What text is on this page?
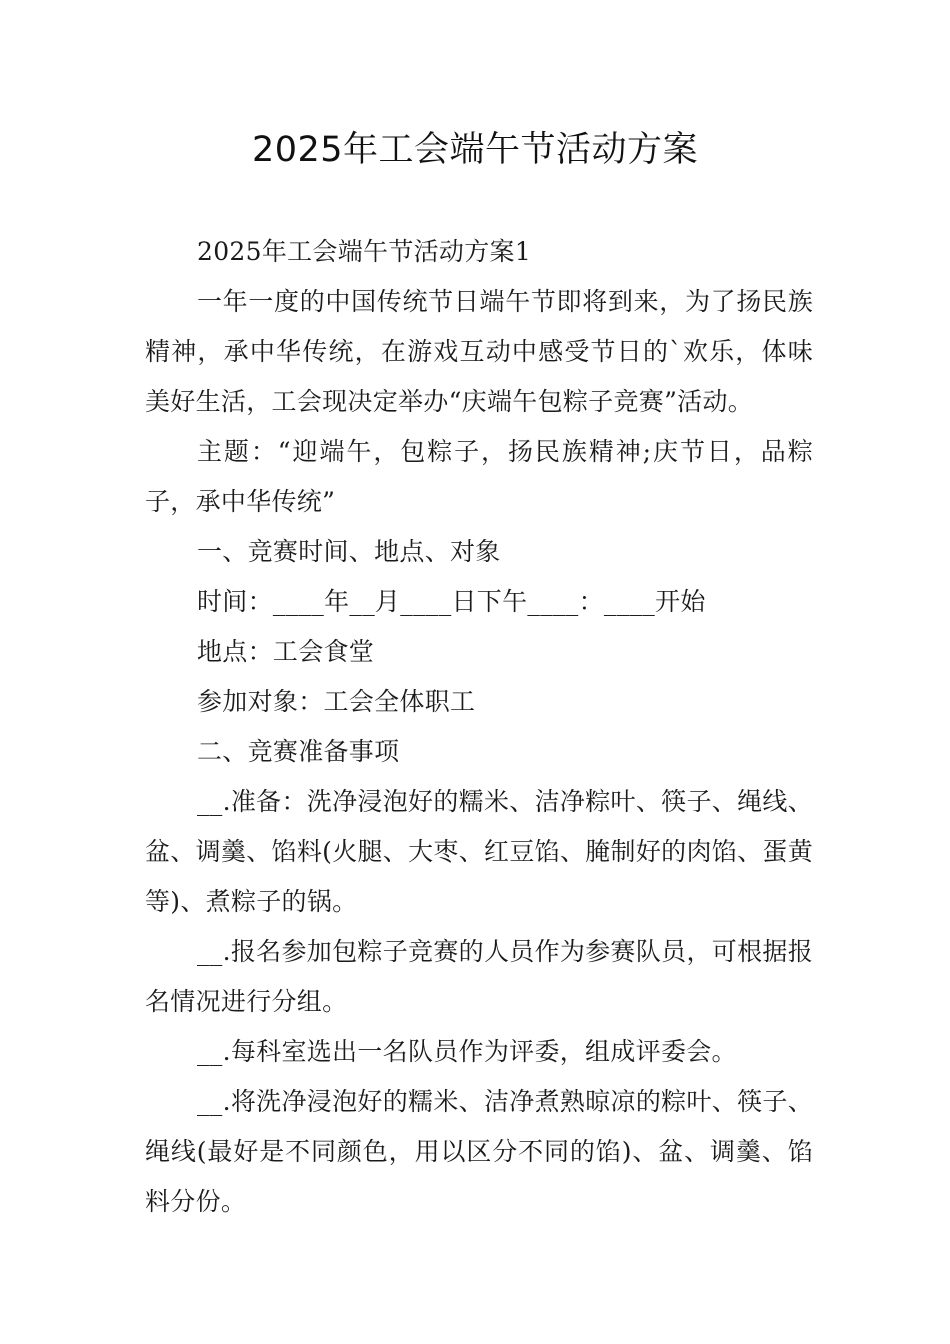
2025年工会端午节活动方案

2025年工会端午节活动方案1

一年一度的中国传统节日端午节即将到来，为了扬民族精神，承中华传统，在游戏互动中感受节日的`欢乐，体味美好生活，工会现决定举办“庆端午包粽子竞赛”活动。

主题：“迎端午，包粽子，扬民族精神;庆节日，品粽子，承中华传统”

一、竞赛时间、地点、对象

时间：____年__月____日下午____：____开始

地点：工会食堂

参加对象：工会全体职工

二、竞赛准备事项

__.准备：洗净浸泡好的糯米、洁净粽叶、筷子、绳线、盆、调羹、馅料(火腿、大枣、红豆馅、腌制好的肉馅、蛋黄等)、煮粽子的锅。

__.报名参加包粽子竞赛的人员作为参赛队员，可根据报名情况进行分组。

__.每科室选出一名队员作为评委，组成评委会。

__.将洗净浸泡好的糯米、洁净煮熟晾凉的粽叶、筷子、绳线(最好是不同颜色，用以区分不同的馅)、盆、调羹、馅料分份。
